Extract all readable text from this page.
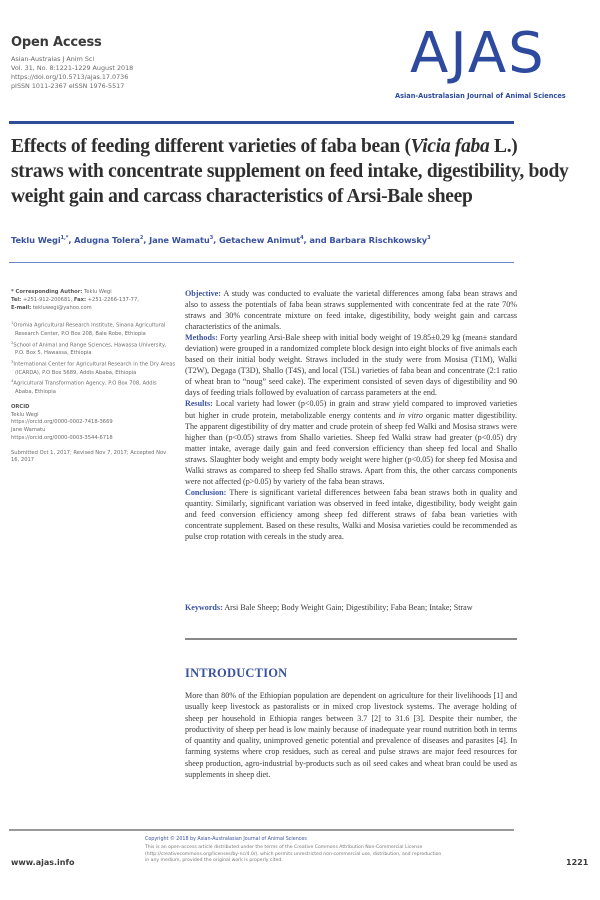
Open Access
Asian-Australas J Anim Sci
Vol. 31, No. 8:1221-1229 August 2018
https://doi.org/10.5713/ajas.17.0736
pISSN 1011-2367 eISSN 1976-5517	AJAS
Asian-Australasian Journal of Animal Sciences
Effects of feeding different varieties of faba bean (Vicia faba L.) straws with concentrate supplement on feed intake, digestibility, body weight gain and carcass characteristics of Arsi-Bale sheep
Teklu Wegi$^{1,*}$, Adugna Tolera$^2$, Jane Wamatu$^3$, Getachew Animut$^4$, and Barbara Rischkowsky$^3$
* Corresponding Author: Teklu Wegi
Tel: +251-912-200681, Fax: +251-2266-137-77,
E-mail: tekluwegi@yahoo.com

$^1$Oromia Agricultural Research Institute, Sinana Agricultural Research Center, P.O Box 208, Bale Robe, Ethiopia

$^2$School of Animal and Range Sciences, Hawassa University, P.O. Box 5, Hawassa, Ethiopia

$^3$International Center for Agricultural Research in the Dry Areas (ICARDA), P.O Box 5689, Addis Ababa, Ethiopia

$^4$Agricultural Transformation Agency, P.O Box 708, Addis Ababa, Ethiopia

ORCID
Teklu Wegi
https://orcid.org/0000-0002-7418-3669
Jane Wamatu
https://orcid.org/0000-0003-3544-6718
Submitted Oct 1, 2017; Revised Nov 7, 2017; Accepted Nov 16, 2017

Objective: A study was conducted to evaluate the varietal differences among faba bean straws and also to assess the potentials of faba bean straws supplemented with concentrate fed at the rate 70% straws and 30% concentrate mixture on feed intake, digestibility, body weight gain and carcass characteristics of the animals.

Methods: Forty yearling Arsi-Bale sheep with initial body weight of 19.85±0.29 kg (mean± standard deviation) were grouped in a randomized complete block design into eight blocks of five animals each based on their initial body weight. Straws included in the study were from Mosisa (T1M), Walki (T2W), Degaga (T3D), Shallo (T4S), and local (T5L) varieties of faba bean and concentrate (2:1 ratio of wheat bran to “noug” seed cake). The experiment consisted of seven days of digestibility and 90 days of feeding trials followed by evaluation of carcass parameters at the end.

Results: Local variety had lower (p<0.05) in grain and straw yield compared to improved varieties but higher in crude protein, metabolizable energy contents and in vitro organic matter digestibility. The apparent digestibility of dry matter and crude protein of sheep fed Walki and Mosisa straws were higher than (p<0.05) straws from Shallo varieties. Sheep fed Walki straw had greater (p<0.05) dry matter intake, average daily gain and feed conversion efficiency than sheep fed local and Shallo straws. Slaughter body weight and empty body weight were higher (p<0.05) for sheep fed Mosisa and Walki straws as compared to sheep fed Shallo straws. Apart from this, the other carcass components were not affected (p>0.05) by variety of the faba bean straws.

Conclusion: There is significant varietal differences between faba bean straws both in quality and quantity. Similarly, significant variation was observed in feed intake, digestibility, body weight gain and feed conversion efficiency among sheep fed different straws of faba bean varieties with concentrate supplement. Based on these results, Walki and Mosisa varieties could be recommended as pulse crop rotation with cereals in the study area.

Keywords: Arsi Bale Sheep; Body Weight Gain; Digestibility; Faba Bean; Intake; Straw
INTRODUCTION

More than 80% of the Ethiopian population are dependent on agriculture for their livelihoods [1] and usually keep livestock as pastoralists or in mixed crop livestock systems. The average holding of sheep per household in Ethiopia ranges between 3.7 [2] to 31.6 [3]. Despite their number, the productivity of sheep per head is low mainly because of inadequate year round nutrition both in terms of quantity and quality, unimproved genetic potential and prevalence of diseases and parasites [4]. In farming systems where crop residues, such as cereal and pulse straws are major feed resources for sheep production, agro-industrial by-products such as oil seed cakes and wheat bran could be used as supplements in sheep diet.

www.ajas.info
Copyright © 2018 by Asian-Australasian Journal of Animal Sciences
This is an open-access article distributed under the terms of the Creative Commons Attribution Non-Commercial License (http://creativecommons.org/licenses/by-nc/4.0/), which permits unrestricted non-commercial use, distribution, and reproduction in any medium, provided the original work is properly cited.	1221
